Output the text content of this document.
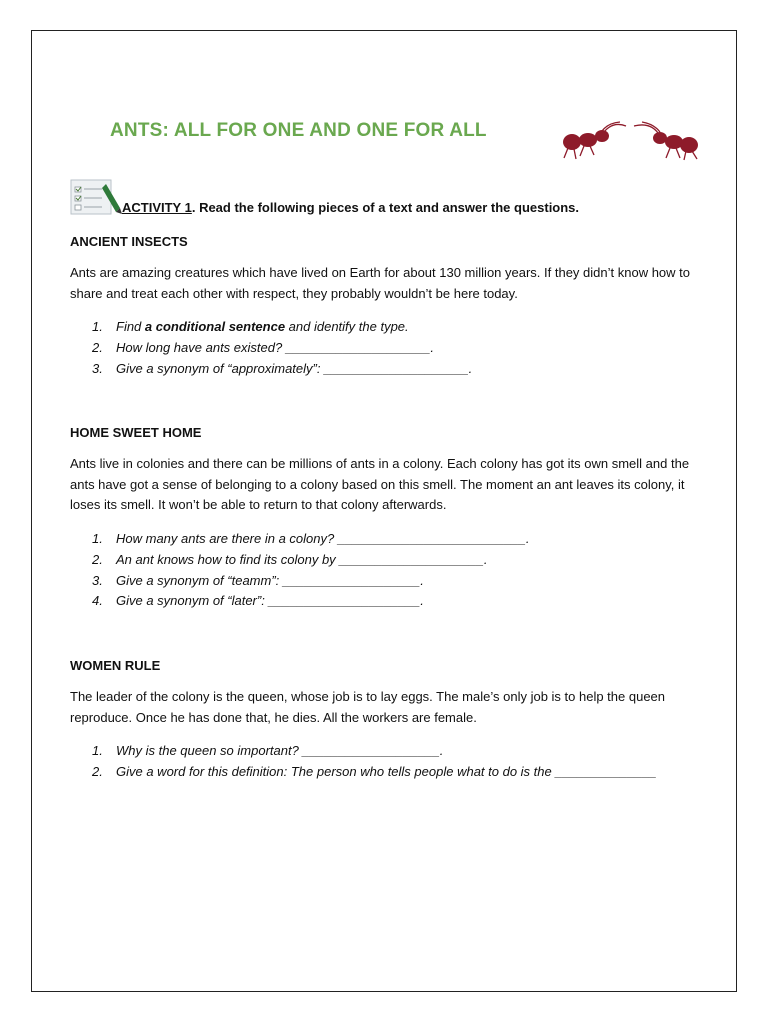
ANTS: ALL FOR ONE AND ONE FOR ALL
ACTIVITY 1. Read the following pieces of a text and answer the questions.
ANCIENT INSECTS
Ants are amazing creatures which have lived on Earth for about 130 million years. If they didn’t know how to share and treat each other with respect, they probably wouldn’t be here today.
1. Find a conditional sentence and identify the type.
2. How long have ants existed? ____________________.
3. Give a synonym of “approximately”: ____________________.
HOME SWEET HOME
Ants live in colonies and there can be millions of ants in a colony. Each colony has got its own smell and the ants have got a sense of belonging to a colony based on this smell. The moment an ant leaves its colony, it loses its smell. It won’t be able to return to that colony afterwards.
1. How many ants are there in a colony? __________________________.
2. An ant knows how to find its colony by ____________________.
3. Give a synonym of “teamm”: ___________________.
4. Give a synonym of “later”: _____________________.
WOMEN RULE
The leader of the colony is the queen, whose job is to lay eggs. The male’s only job is to help the queen reproduce. Once he has done that, he dies. All the workers are female.
1. Why is the queen so important? ___________________.
2. Give a word for this definition: The person who tells people what to do is the ______________
